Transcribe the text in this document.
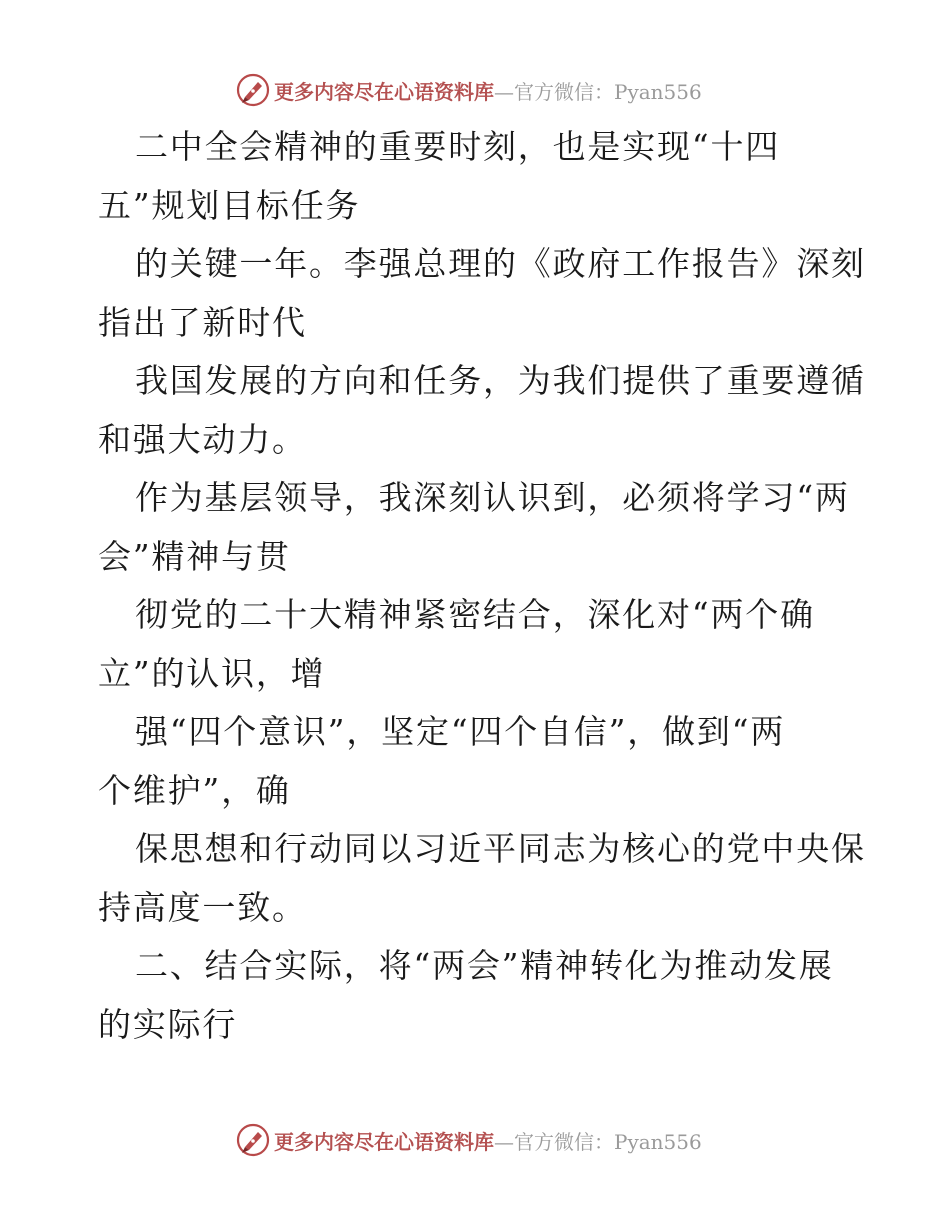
更多内容尽在心语资料库 —官方微信：Pyan556
二中全会精神的重要时刻，也是实现“十四
五”规划目标任务
的关键一年。李强总理的《政府工作报告》深刻
指出了新时代
我国发展的方向和任务，为我们提供了重要遵循
和强大动力。
作为基层领导，我深刻认识到，必须将学习“两
会”精神与贯
彻党的二十大精神紧密结合，深化对“两个确
立”的认识，增
强“四个意识”，坚定“四个自信”，做到“两
个维护”，确
保思想和行动同以习近平同志为核心的党中央保
持高度一致。
二、结合实际，将“两会”精神转化为推动发展
的实际行
更多内容尽在心语资料库 —官方微信：Pyan556
